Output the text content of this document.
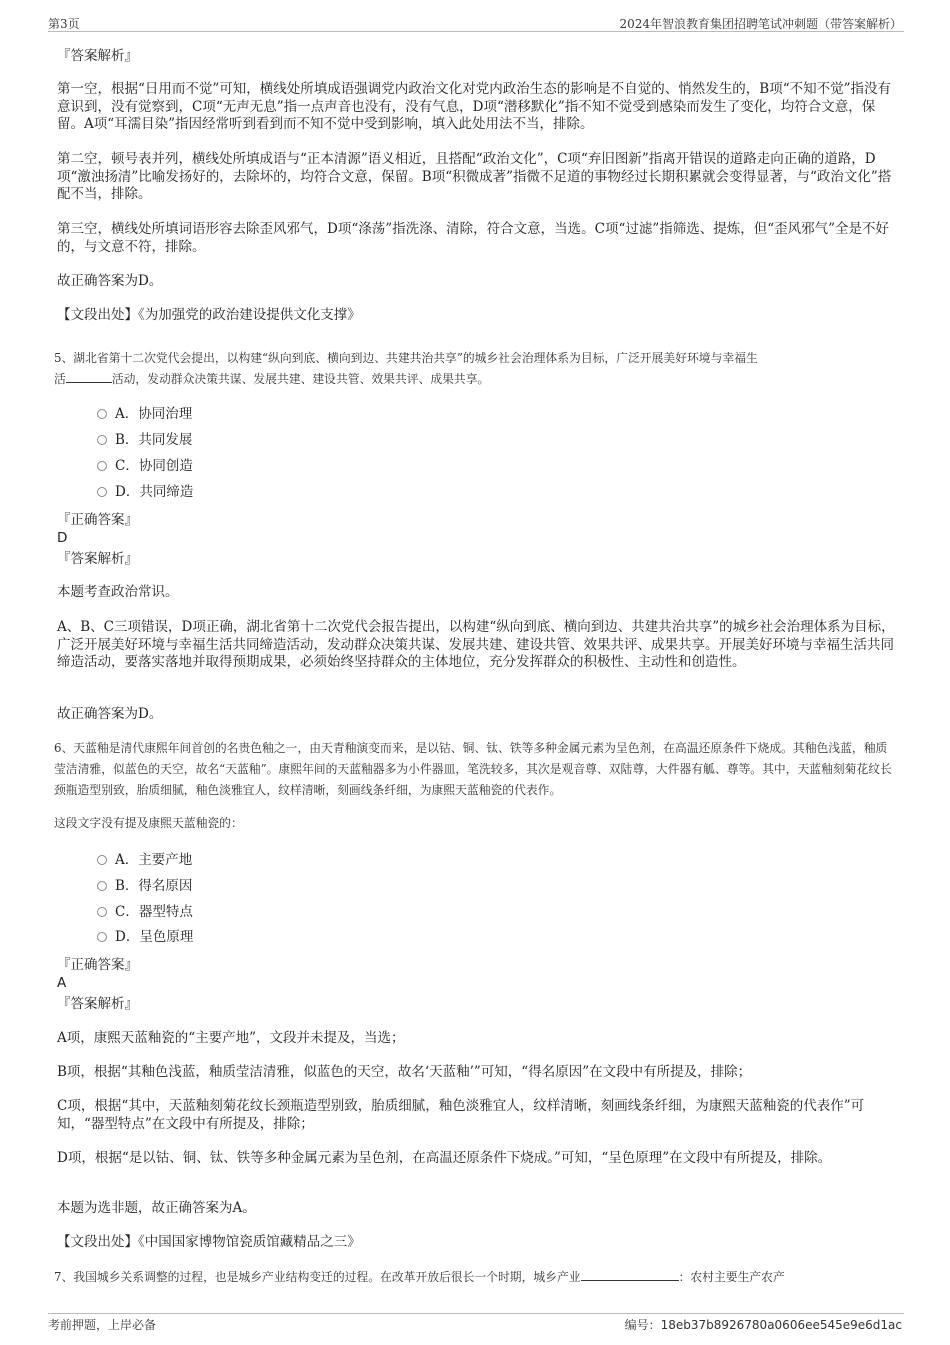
第3页	2024年智浪教育集团招聘笔试冲刺题（带答案解析）
『答案解析』
第一空，根据“日用而不觉”可知，横线处所填成语强调党内政治文化对党内政治生态的影响是不自觉的、悄然发生的，B项“不知不觉”指没有意识到，没有觉察到，C项“无声无息”指一点声音也没有，没有气息，D项“潜移默化”指不知不觉受到感染而发生了变化，均符合文意，保留。A项“耳濡目染”指因经常听到看到而不知不觉中受到影响，填入此处用法不当，排除。
第二空，顿号表并列，横线处所填成语与“正本清源”语义相近，且搭配“政治文化”，C项“弃旧图新”指离开错误的道路走向正确的道路，D项“激浊扬清”比喻发扬好的，去除坏的，均符合文意，保留。B项“积微成著”指微不足道的事物经过长期积累就会变得显著，与“政治文化”搭配不当，排除。
第三空，横线处所填词语形容去除歪风邪气，D项“涤荡”指洗涤、清除，符合文意，当选。C项“过滤”指筛选、提炼，但“歪风邪气”全是不好的，与文意不符，排除。
故正确答案为D。
【文段出处】《为加强党的政治建设提供文化支撑》
5、湖北省第十二次党代会提出，以构建“纵向到底、横向到边、共建共治共享”的城乡社会治理体系为目标，广泛开展美好环境与幸福生
活	活动，发动群众决策共谋、发展共建、建设共管、效果共评、成果共享。
A．协同治理
B．共同发展
C．协同创造
D．共同缔造
『正确答案』
D
『答案解析』
本题考查政治常识。
A、B、C三项错误，D项正确，湖北省第十二次党代会报告提出，以构建“纵向到底、横向到边、共建共治共享”的城乡社会治理体系为目标，广泛开展美好环境与幸福生活共同缔造活动，发动群众决策共谋、发展共建、建设共管、效果共评、成果共享。开展美好环境与幸福生活共同缔造活动，要落实落地并取得预期成果，必须始终坚持群众的主体地位，充分发挥群众的积极性、主动性和创造性。
故正确答案为D。
6、天蓝釉是清代康熙年间首创的名贵色釉之一，由天青釉演变而来，是以钴、铜、钛、铁等多种金属元素为呈色剂，在高温还原条件下烧成。其釉色浅蓝，釉质莹洁清雅，似蓝色的天空，故名“天蓝釉”。康熙年间的天蓝釉器多为小件器皿，笔洗较多，其次是观音尊、双陆尊，大件器有觚、尊等。其中，天蓝釉刻菊花纹长颈瓶造型别致，胎质细腻，釉色淡雅宜人，纹样清晰，刻画线条纤细，为康熙天蓝釉瓷的代表作。
这段文字没有提及康熙天蓝釉瓷的：
A．主要产地
B．得名原因
C．器型特点
D．呈色原理
『正确答案』
A
『答案解析』
A项，康熙天蓝釉瓷的“主要产地”，文段并未提及，当选；
B项，根据“其釉色浅蓝，釉质莹洁清雅，似蓝色的天空，故名‘天蓝釉’”可知，“得名原因”在文段中有所提及，排除；
C项，根据“其中，天蓝釉刻菊花纹长颈瓶造型别致，胎质细腻，釉色淡雅宜人，纹样清晰，刻画线条纤细，为康熙天蓝釉瓷的代表作”可知，“器型特点”在文段中有所提及，排除；
D项，根据“是以钴、铜、钛、铁等多种金属元素为呈色剂，在高温还原条件下烧成。”可知，“呈色原理”在文段中有所提及，排除。
本题为选非题，故正确答案为A。
【文段出处】《中国国家博物馆瓷质馆藏精品之三》
7、我国城乡关系调整的过程，也是城乡产业结构变迁的过程。在改革开放后很长一个时期，城乡产业	：农村主要生产农产
考前押题，上岸必备	编号：18eb37b8926780a0606ee545e9e6d1ac
